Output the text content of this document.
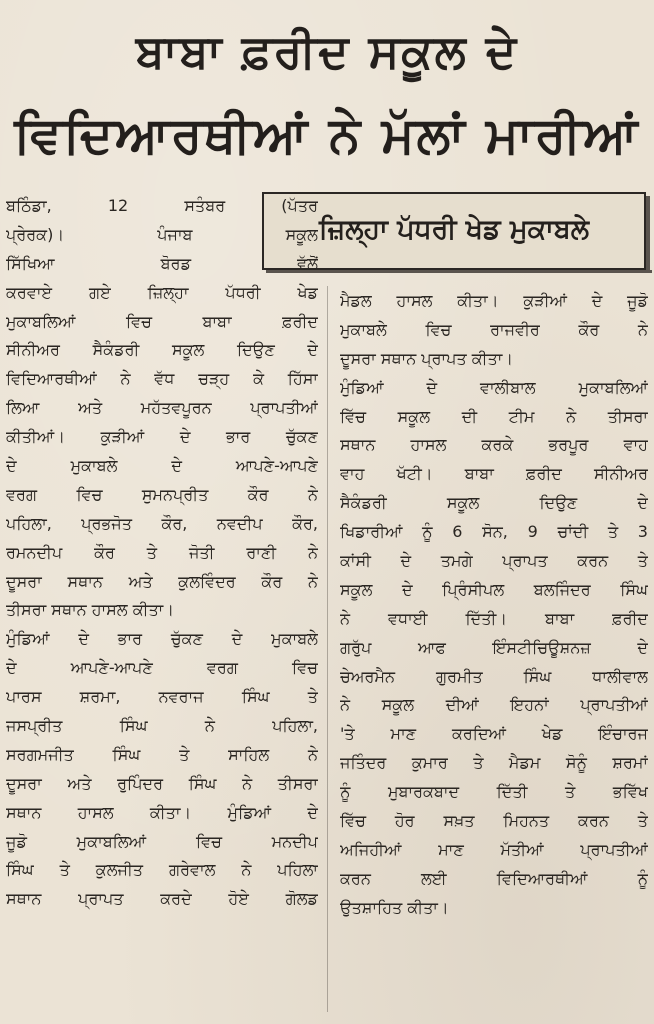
ਬਾਬਾ ਫ਼ਰੀਦ ਸਕੂਲ ਦੇ
ਵਿਦਿਆਰਥੀਆਂ ਨੇ ਮੱਲਾਂ ਮਾਰੀਆਂ
ਜ਼ਿਲ੍ਹਾ ਪੱਧਰੀ ਖੇਡ ਮੁਕਾਬਲੇ
ਬਠਿੰਡਾ, 12 ਸਤੰਬਰ (ਪੱਤਰ
ਪ੍ਰੇਰਕ)। ਪੰਜਾਬ ਸਕੂਲ
ਸਿੱਖਿਆ ਬੋਰਡ ਵੱਲੋਂ
ਕਰਵਾਏ ਗਏ ਜ਼ਿਲ੍ਹਾ ਪੱਧਰੀ ਖੇਡ
ਮੁਕਾਬਲਿਆਂ ਵਿਚ ਬਾਬਾ ਫ਼ਰੀਦ
ਸੀਨੀਅਰ ਸੈਕੰਡਰੀ ਸਕੂਲ ਦਿਉਣ ਦੇ
ਵਿਦਿਆਰਥੀਆਂ ਨੇ ਵੱਧ ਚੜ੍ਹ ਕੇ ਹਿੱਸਾ
ਲਿਆ ਅਤੇ ਮਹੱਤਵਪੂਰਨ ਪ੍ਰਾਪਤੀਆਂ
ਕੀਤੀਆਂ। ਕੁੜੀਆਂ ਦੇ ਭਾਰ ਚੁੱਕਣ
ਦੇ ਮੁਕਾਬਲੇ ਦੇ ਆਪਣੇ-ਆਪਣੇ
ਵਰਗ ਵਿਚ ਸੁਮਨਪ੍ਰੀਤ ਕੌਰ ਨੇ
ਪਹਿਲਾ, ਪ੍ਰਭਜੋਤ ਕੌਰ, ਨਵਦੀਪ ਕੌਰ,
ਰਮਨਦੀਪ ਕੌਰ ਤੇ ਜੋਤੀ ਰਾਣੀ ਨੇ
ਦੂਸਰਾ ਸਥਾਨ ਅਤੇ ਕੁਲਵਿੰਦਰ ਕੌਰ ਨੇ
ਤੀਸਰਾ ਸਥਾਨ ਹਾਸਲ ਕੀਤਾ।
ਮੁੰਡਿਆਂ ਦੇ ਭਾਰ ਚੁੱਕਣ ਦੇ ਮੁਕਾਬਲੇ
ਦੇ ਆਪਣੇ-ਆਪਣੇ ਵਰਗ ਵਿਚ
ਪਾਰਸ ਸ਼ਰਮਾ, ਨਵਰਾਜ ਸਿੰਘ ਤੇ
ਜਸਪ੍ਰੀਤ ਸਿੰਘ ਨੇ ਪਹਿਲਾ,
ਸਰਗਮਜੀਤ ਸਿੰਘ ਤੇ ਸਾਹਿਲ ਨੇ
ਦੂਸਰਾ ਅਤੇ ਰੁਪਿੰਦਰ ਸਿੰਘ ਨੇ ਤੀਸਰਾ
ਸਥਾਨ ਹਾਸਲ ਕੀਤਾ। ਮੁੰਡਿਆਂ ਦੇ
ਜੂਡੋ ਮੁਕਾਬਲਿਆਂ ਵਿਚ ਮਨਦੀਪ
ਸਿੰਘ ਤੇ ਕੁਲਜੀਤ ਗਰੇਵਾਲ ਨੇ ਪਹਿਲਾ
ਸਥਾਨ ਪ੍ਰਾਪਤ ਕਰਦੇ ਹੋਏ ਗੋਲਡ
ਮੈਡਲ ਹਾਸਲ ਕੀਤਾ। ਕੁੜੀਆਂ ਦੇ ਜੂਡੋ
ਮੁਕਾਬਲੇ ਵਿਚ ਰਾਜਵੀਰ ਕੌਰ ਨੇ
ਦੂਸਰਾ ਸਥਾਨ ਪ੍ਰਾਪਤ ਕੀਤਾ।
ਮੁੰਡਿਆਂ ਦੇ ਵਾਲੀਬਾਲ ਮੁਕਾਬਲਿਆਂ
ਵਿੱਚ ਸਕੂਲ ਦੀ ਟੀਮ ਨੇ ਤੀਸਰਾ
ਸਥਾਨ ਹਾਸਲ ਕਰਕੇ ਭਰਪੂਰ ਵਾਹ
ਵਾਹ ਖੱਟੀ। ਬਾਬਾ ਫ਼ਰੀਦ ਸੀਨੀਅਰ
ਸੈਕੰਡਰੀ ਸਕੂਲ ਦਿਉਣ ਦੇ
ਖਿਡਾਰੀਆਂ ਨੂੰ 6 ਸੋਨ, 9 ਚਾਂਦੀ ਤੇ 3
ਕਾਂਸੀ ਦੇ ਤਮਗੇ ਪ੍ਰਾਪਤ ਕਰਨ ਤੇ
ਸਕੂਲ ਦੇ ਪ੍ਰਿੰਸੀਪਲ ਬਲਜਿੰਦਰ ਸਿੰਘ
ਨੇ ਵਧਾਈ ਦਿੱਤੀ। ਬਾਬਾ ਫ਼ਰੀਦ
ਗਰੁੱਪ ਆਫ ਇੰਸਟੀਚਿਊਸ਼ਨਜ਼ ਦੇ
ਚੇਅਰਮੈਨ ਗੁਰਮੀਤ ਸਿੰਘ ਧਾਲੀਵਾਲ
ਨੇ ਸਕੂਲ ਦੀਆਂ ਇਹਨਾਂ ਪ੍ਰਾਪਤੀਆਂ
'ਤੇ ਮਾਣ ਕਰਦਿਆਂ ਖੇਡ ਇੰਚਾਰਜ
ਜਤਿੰਦਰ ਕੁਮਾਰ ਤੇ ਮੈਡਮ ਸੋਨੂੰ ਸ਼ਰਮਾਂ
ਨੂੰ ਮੁਬਾਰਕਬਾਦ ਦਿੱਤੀ ਤੇ ਭਵਿੱਖ
ਵਿੱਚ ਹੋਰ ਸਖ਼ਤ ਮਿਹਨਤ ਕਰਨ ਤੇ
ਅਜਿਹੀਆਂ ਮਾਣ ਮੱਤੀਆਂ ਪ੍ਰਾਪਤੀਆਂ
ਕਰਨ ਲਈ ਵਿਦਿਆਰਥੀਆਂ ਨੂੰ
ਉਤਸ਼ਾਹਿਤ ਕੀਤਾ।
